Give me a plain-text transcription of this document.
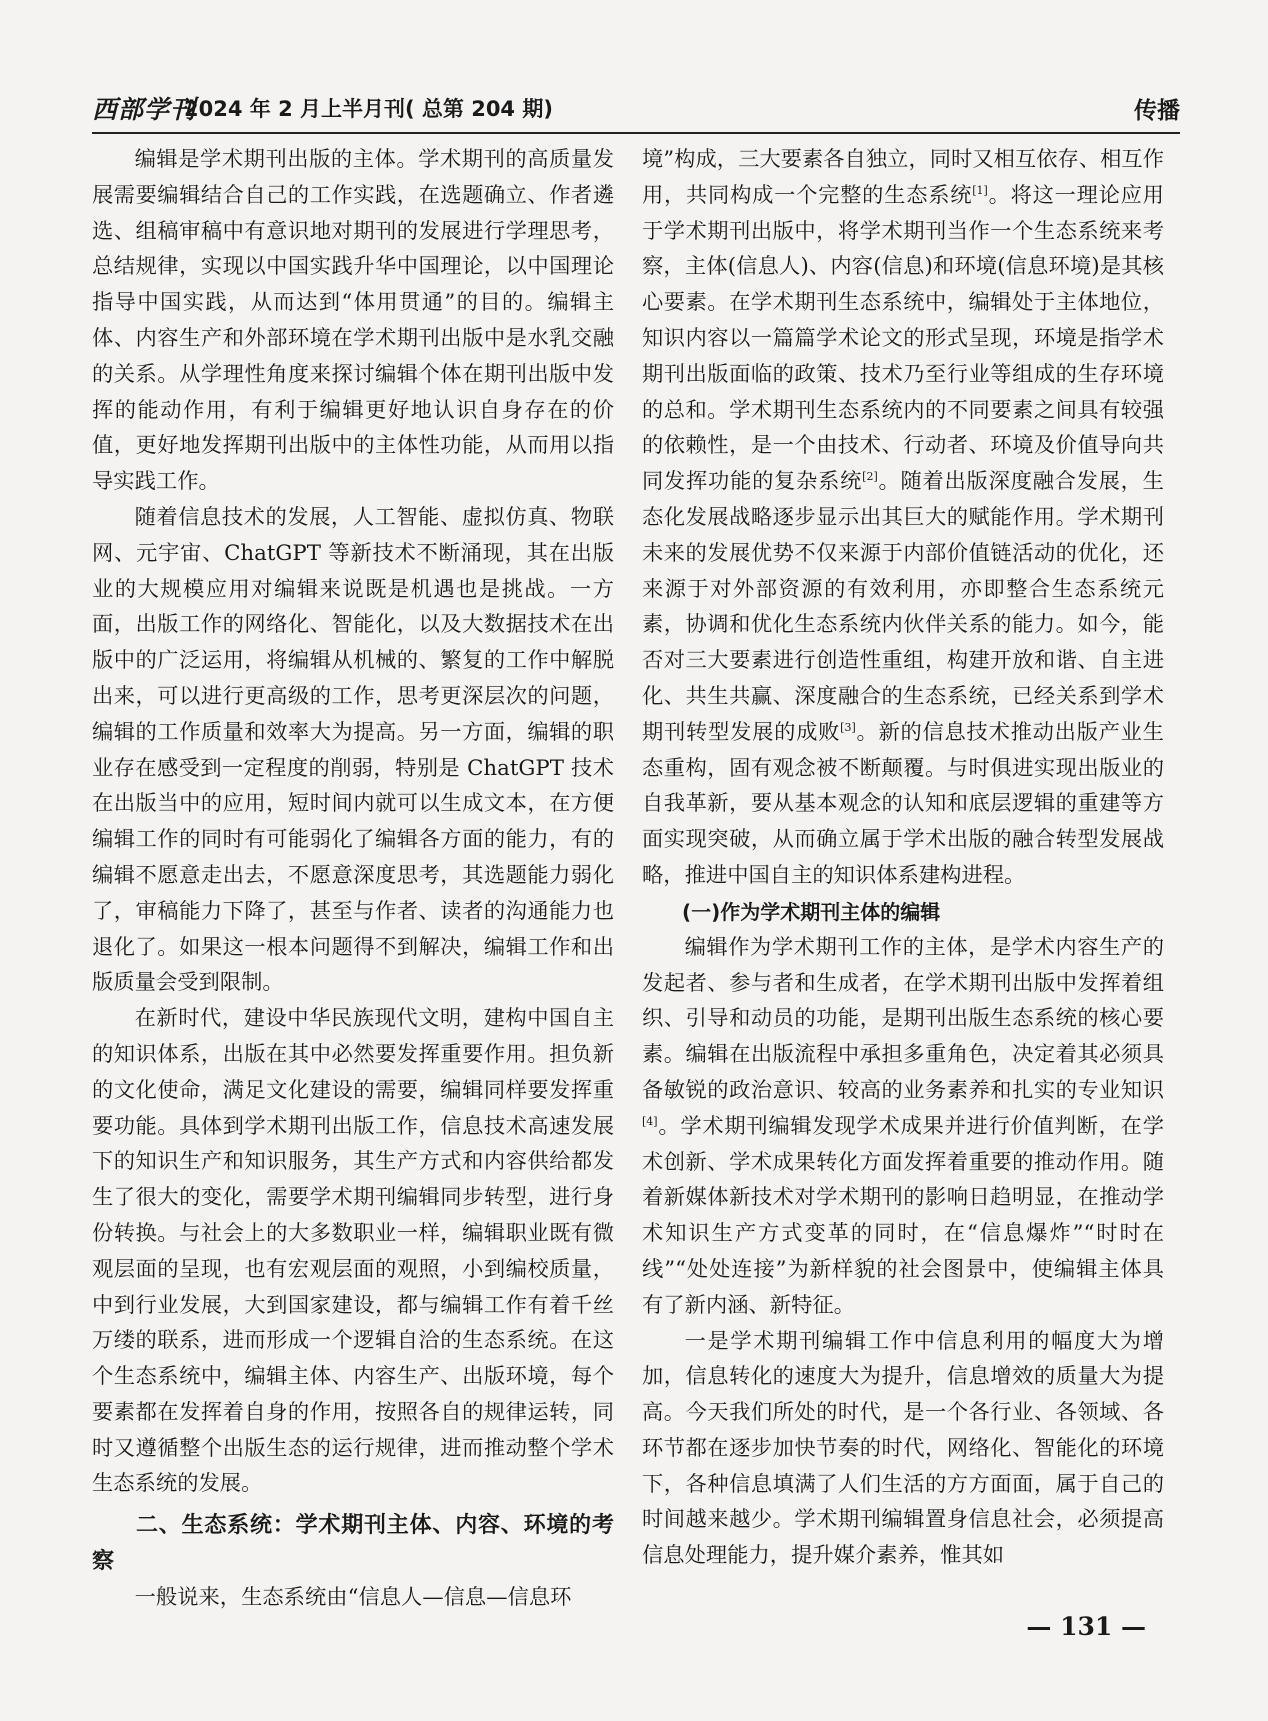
西部学刊
2024 年 2 月上半月刊( 总第 204 期)	传播

编辑是学术期刊出版的主体。学术期刊的高质量发展需要编辑结合自己的工作实践，在选题确立、作者遴选、组稿审稿中有意识地对期刊的发展进行学理思考，总结规律，实现以中国实践升华中国理论，以中国理论指导中国实践，从而达到“体用贯通”的目的。编辑主体、内容生产和外部环境在学术期刊出版中是水乳交融的关系。从学理性角度来探讨编辑个体在期刊出版中发挥的能动作用，有利于编辑更好地认识自身存在的价值，更好地发挥期刊出版中的主体性功能，从而用以指导实践工作。

随着信息技术的发展，人工智能、虚拟仿真、物联网、元宇宙、ChatGPT 等新技术不断涌现，其在出版业的大规模应用对编辑来说既是机遇也是挑战。一方面，出版工作的网络化、智能化，以及大数据技术在出版中的广泛运用，将编辑从机械的、繁复的工作中解脱出来，可以进行更高级的工作，思考更深层次的问题，编辑的工作质量和效率大为提高。另一方面，编辑的职业存在感受到一定程度的削弱，特别是 ChatGPT 技术在出版当中的应用，短时间内就可以生成文本，在方便编辑工作的同时有可能弱化了编辑各方面的能力，有的编辑不愿意走出去，不愿意深度思考，其选题能力弱化了，审稿能力下降了，甚至与作者、读者的沟通能力也退化了。如果这一根本问题得不到解决，编辑工作和出版质量会受到限制。

在新时代，建设中华民族现代文明，建构中国自主的知识体系，出版在其中必然要发挥重要作用。担负新的文化使命，满足文化建设的需要，编辑同样要发挥重要功能。具体到学术期刊出版工作，信息技术高速发展下的知识生产和知识服务，其生产方式和内容供给都发生了很大的变化，需要学术期刊编辑同步转型，进行身份转换。与社会上的大多数职业一样，编辑职业既有微观层面的呈现，也有宏观层面的观照，小到编校质量，中到行业发展，大到国家建设，都与编辑工作有着千丝万缕的联系，进而形成一个逻辑自洽的生态系统。在这个生态系统中，编辑主体、内容生产、出版环境，每个要素都在发挥着自身的作用，按照各自的规律运转，同时又遵循整个出版生态的运行规律，进而推动整个学术生态系统的发展。

二、生态系统：学术期刊主体、内容、环境的考察

一般说来，生态系统由“信息人—信息—信息环

境”构成，三大要素各自独立，同时又相互依存、相互作用，共同构成一个完整的生态系统[1]。将这一理论应用于学术期刊出版中，将学术期刊当作一个生态系统来考察，主体(信息人)、内容(信息)和环境(信息环境)是其核心要素。在学术期刊生态系统中，编辑处于主体地位，知识内容以一篇篇学术论文的形式呈现，环境是指学术期刊出版面临的政策、技术乃至行业等组成的生存环境的总和。学术期刊生态系统内的不同要素之间具有较强的依赖性，是一个由技术、行动者、环境及价值导向共同发挥功能的复杂系统[2]。随着出版深度融合发展，生态化发展战略逐步显示出其巨大的赋能作用。学术期刊未来的发展优势不仅来源于内部价值链活动的优化，还来源于对外部资源的有效利用，亦即整合生态系统元素，协调和优化生态系统内伙伴关系的能力。如今，能否对三大要素进行创造性重组，构建开放和谐、自主进化、共生共赢、深度融合的生态系统，已经关系到学术期刊转型发展的成败[3]。新的信息技术推动出版产业生态重构，固有观念被不断颠覆。与时俱进实现出版业的自我革新，要从基本观念的认知和底层逻辑的重建等方面实现突破，从而确立属于学术出版的融合转型发展战略，推进中国自主的知识体系建构进程。

(一)作为学术期刊主体的编辑

编辑作为学术期刊工作的主体，是学术内容生产的发起者、参与者和生成者，在学术期刊出版中发挥着组织、引导和动员的功能，是期刊出版生态系统的核心要素。编辑在出版流程中承担多重角色，决定着其必须具备敏锐的政治意识、较高的业务素养和扎实的专业知识[4]。学术期刊编辑发现学术成果并进行价值判断，在学术创新、学术成果转化方面发挥着重要的推动作用。随着新媒体新技术对学术期刊的影响日趋明显，在推动学术知识生产方式变革的同时，在“信息爆炸”“时时在线”“处处连接”为新样貌的社会图景中，使编辑主体具有了新内涵、新特征。

一是学术期刊编辑工作中信息利用的幅度大为增加，信息转化的速度大为提升，信息增效的质量大为提高。今天我们所处的时代，是一个各行业、各领域、各环节都在逐步加快节奏的时代，网络化、智能化的环境下，各种信息填满了人们生活的方方面面，属于自己的时间越来越少。学术期刊编辑置身信息社会，必须提高信息处理能力，提升媒介素养，惟其如

— 131 —
